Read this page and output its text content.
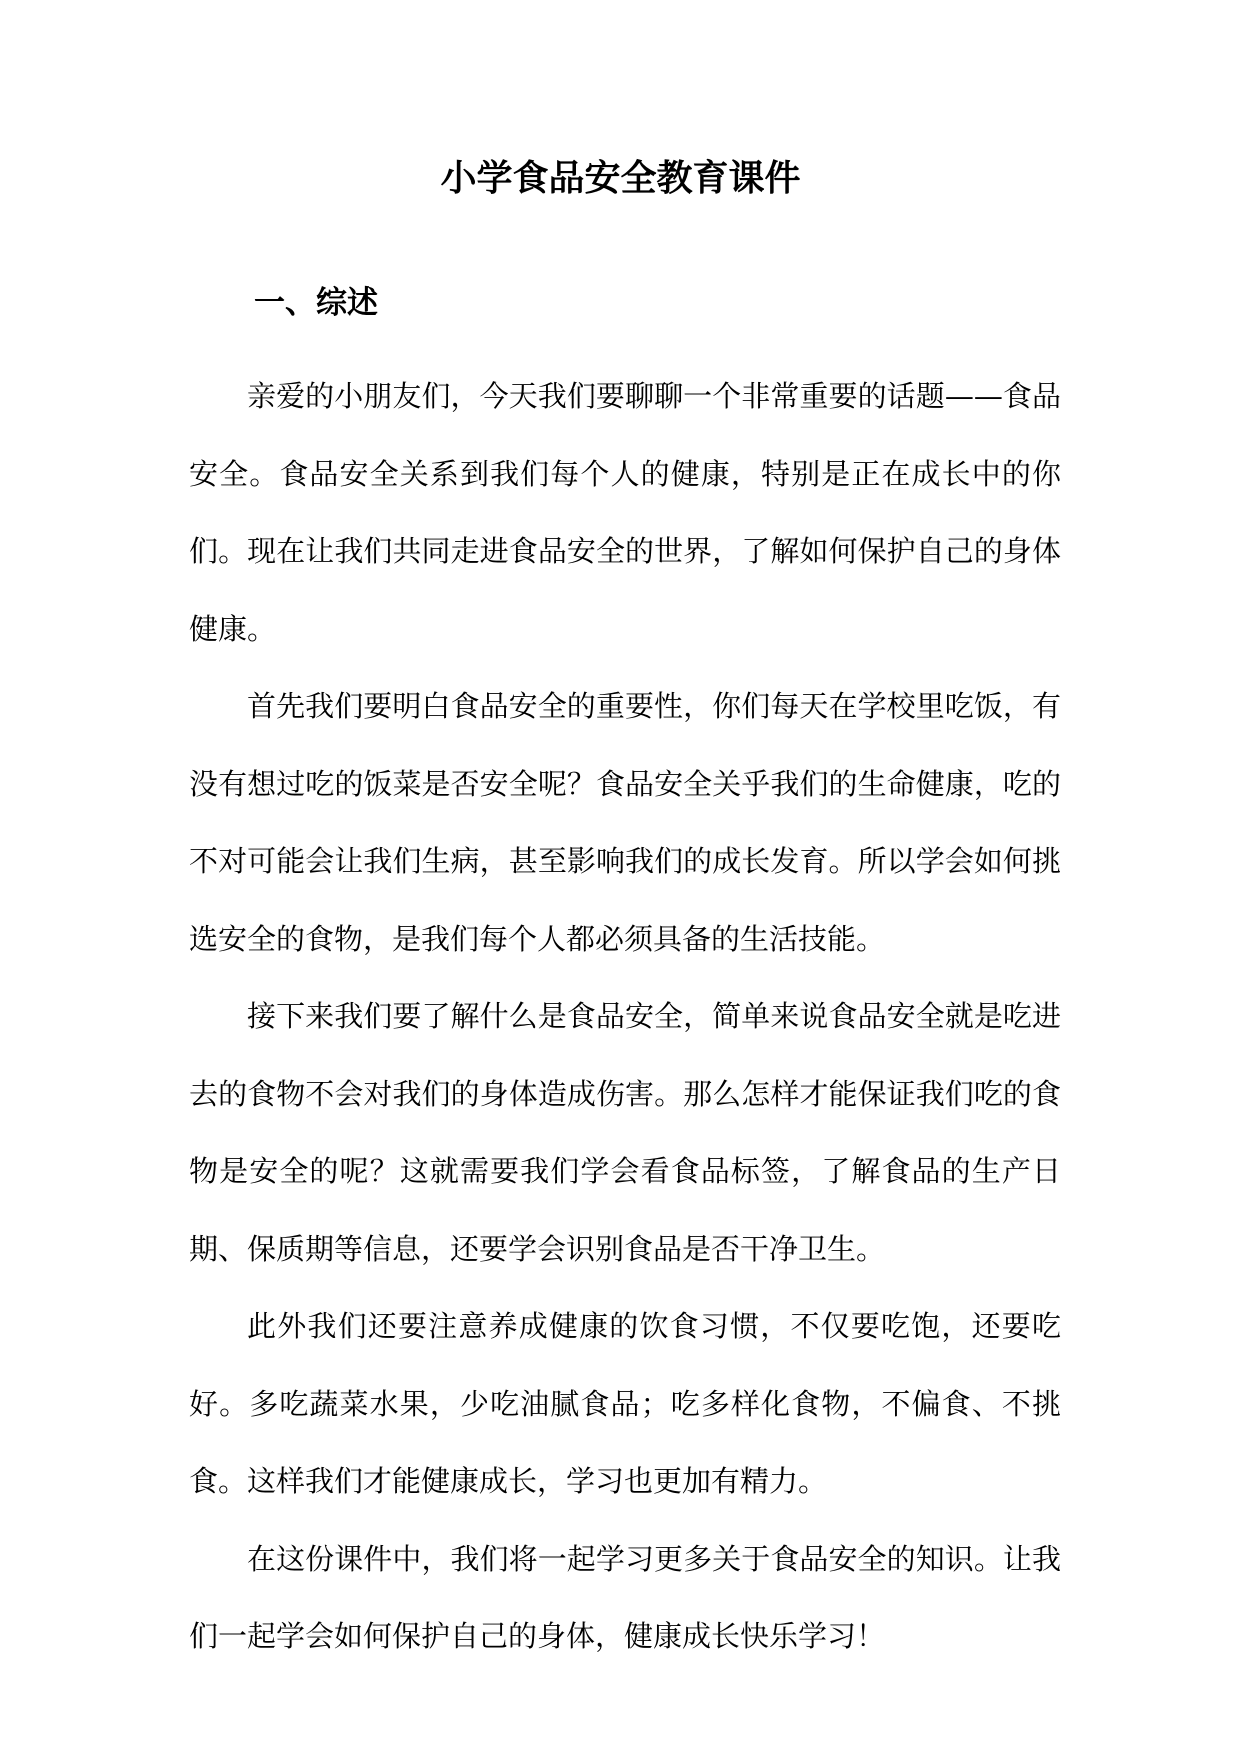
小学食品安全教育课件
一、综述

亲爱的小朋友们，今天我们要聊聊一个非常重要的话题——食品安全。食品安全关系到我们每个人的健康，特别是正在成长中的你们。现在让我们共同走进食品安全的世界，了解如何保护自己的身体健康。

首先我们要明白食品安全的重要性，你们每天在学校里吃饭，有没有想过吃的饭菜是否安全呢？食品安全关乎我们的生命健康，吃的不对可能会让我们生病，甚至影响我们的成长发育。所以学会如何挑选安全的食物，是我们每个人都必须具备的生活技能。

接下来我们要了解什么是食品安全，简单来说食品安全就是吃进去的食物不会对我们的身体造成伤害。那么怎样才能保证我们吃的食物是安全的呢？这就需要我们学会看食品标签，了解食品的生产日期、保质期等信息，还要学会识别食品是否干净卫生。

此外我们还要注意养成健康的饮食习惯，不仅要吃饱，还要吃好。多吃蔬菜水果，少吃油腻食品；吃多样化食物，不偏食、不挑食。这样我们才能健康成长，学习也更加有精力。

在这份课件中，我们将一起学习更多关于食品安全的知识。让我们一起学会如何保护自己的身体，健康成长快乐学习！
